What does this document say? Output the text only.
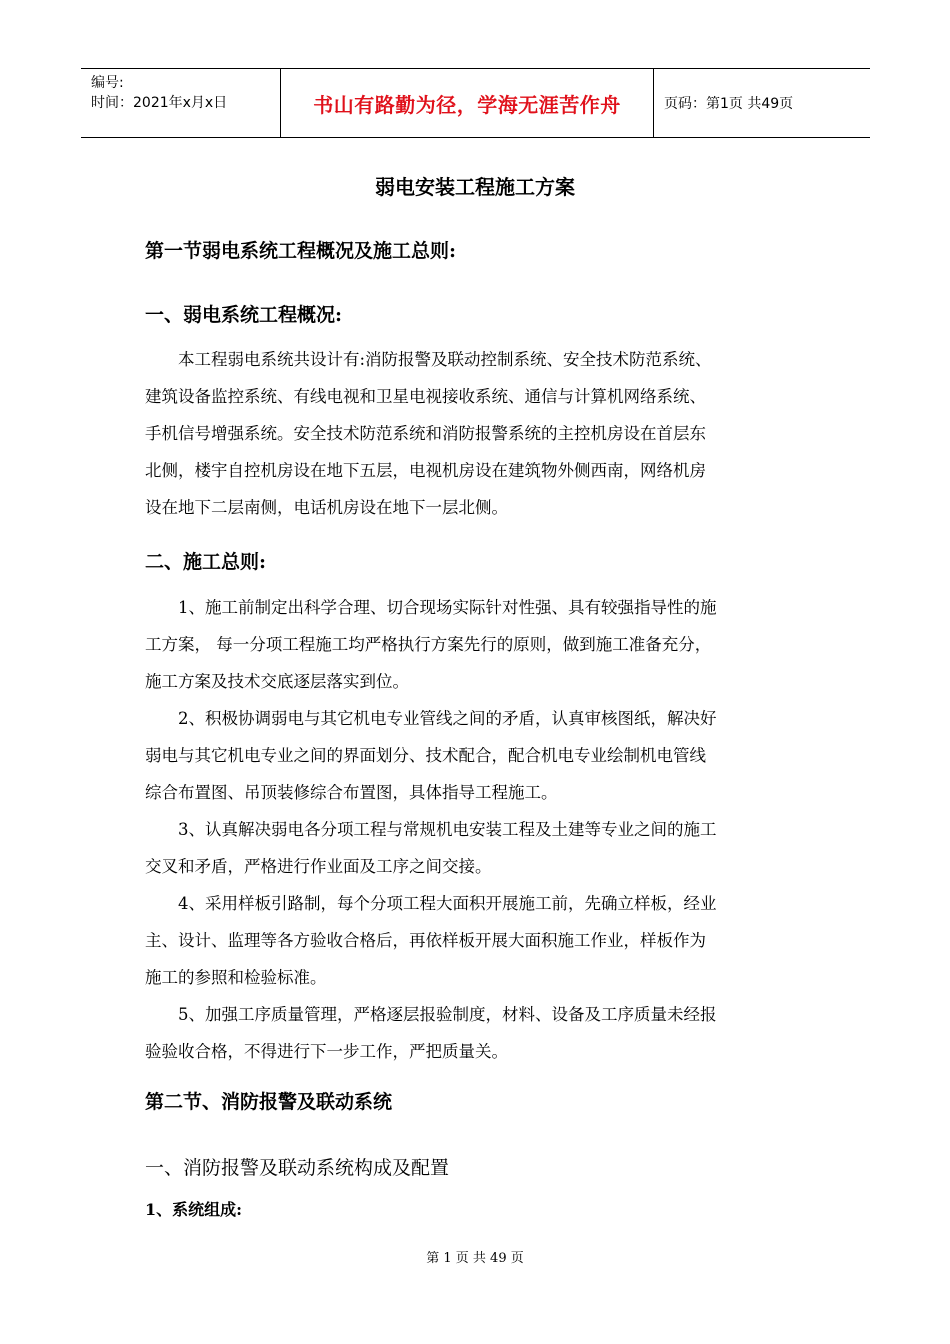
编号:
时间：2021年x月x日	书山有路勤为径，学海无涯苦作舟	页码：第1页 共49页
弱电安装工程施工方案
第一节弱电系统工程概况及施工总则:
一、弱电系统工程概况:
本工程弱电系统共设计有:消防报警及联动控制系统、安全技术防范系统、
建筑设备监控系统、有线电视和卫星电视接收系统、通信与计算机网络系统、
手机信号增强系统。安全技术防范系统和消防报警系统的主控机房设在首层东
北侧，楼宇自控机房设在地下五层，电视机房设在建筑物外侧西南，网络机房
设在地下二层南侧，电话机房设在地下一层北侧。
二、施工总则:
1、施工前制定出科学合理、切合现场实际针对性强、具有较强指导性的施
工方案， 每一分项工程施工均严格执行方案先行的原则，做到施工准备充分，
施工方案及技术交底逐层落实到位。
2、积极协调弱电与其它机电专业管线之间的矛盾，认真审核图纸，解决好
弱电与其它机电专业之间的界面划分、技术配合，配合机电专业绘制机电管线
综合布置图、吊顶装修综合布置图，具体指导工程施工。
3、认真解决弱电各分项工程与常规机电安装工程及土建等专业之间的施工
交叉和矛盾，严格进行作业面及工序之间交接。
4、采用样板引路制，每个分项工程大面积开展施工前，先确立样板，经业
主、设计、监理等各方验收合格后，再依样板开展大面积施工作业，样板作为
施工的参照和检验标准。
5、加强工序质量管理，严格逐层报验制度，材料、设备及工序质量未经报
验验收合格，不得进行下一步工作，严把质量关。
第二节、消防报警及联动系统
一、消防报警及联动系统构成及配置
1、系统组成:
第 1 页 共 49 页
